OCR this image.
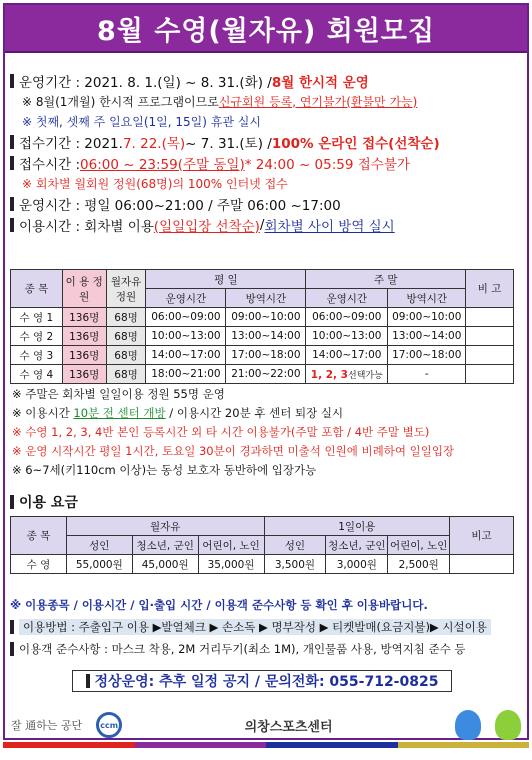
8월 수영(월자유) 회원모집
운영기간 : 2021. 8. 1.(일) ~ 8. 31.(화) / 8월 한시적 운영
※ 8월(1개월) 한시적 프로그램이므로 신규회원 등록, 연기불가(환불만 가능)
※ 첫째, 셋째 주 일요일(1일, 15일) 휴관 실시
접수기간 : 2021. 7. 22.(목) ~ 7. 31.(토) / 100% 온라인 접수(선착순)
접수시간 : 06:00 ~ 23:59(주말 동일) * 24:00 ~ 05:59 접수불가
※ 회차별 월회원 정원(68명)의 100% 인터넷 접수
운영시간 : 평일 06:00~21:00 / 주말 06:00 ~17:00
이용시간 : 회차별 이용 (일일입장 선착순) / 회차별 사이 방역 실시
종 목	이 용 정 원	월자유 정원	평 일		주 말		비 고
			운영시간	방역시간	운영시간	방역시간	
수 영 1	136명	68명	06:00~09:00	09:00~10:00	06:00~09:00	09:00~10:00	
수 영 2	136명	68명	10:00~13:00	13:00~14:00	10:00~13:00	13:00~14:00	
수 영 3	136명	68명	14:00~17:00	17:00~18:00	14:00~17:00	17:00~18:00	
수 영 4	136명	68명	18:00~21:00	21:00~22:00	1, 2, 3선택가능	-	
※ 주말은 회차별 일일이용 정원 55명 운영
※ 이용시간 10분 전 센터 개방 / 이용시간 20분 후 센터 퇴장 실시
※ 수영 1, 2, 3, 4반 본인 등록시간 외 타 시간 이용불가(주말 포함 / 4반 주말 별도)
※ 운영 시작시간 평일 1시간, 토요일 30분이 경과하면 미출석 인원에 비례하여 일일입장
※ 6~7세(키110cm 이상)는 동성 보호자 동반하에 입장가능
이용 요금
종 목	월자유			1일이용			비고
	성인	청소년, 군인	어린이, 노인	성인	청소년, 군인	어린이, 노인	
수 영	55,000원	45,000원	35,000원	3,500원	3,000원	2,500원	
※ 이용종목 / 이용시간 / 입·출입 시간 / 이용객 준수사항 등 확인 후 이용바랍니다.
이용방법 : 주출입구 이용 ▶발열체크 ▶ 손소독 ▶ 명부작성 ▶ 티켓발매(요금지불)▶ 시설이용
이용객 준수사항 : 마스크 착용, 2M 거리두기(최소 1M), 개인물품 사용, 방역지침 준수 등
정상운영: 추후 일정 공지 / 문의전화: 055-712-0825
잘 通하는 공단	ccm	의창스포츠센터
